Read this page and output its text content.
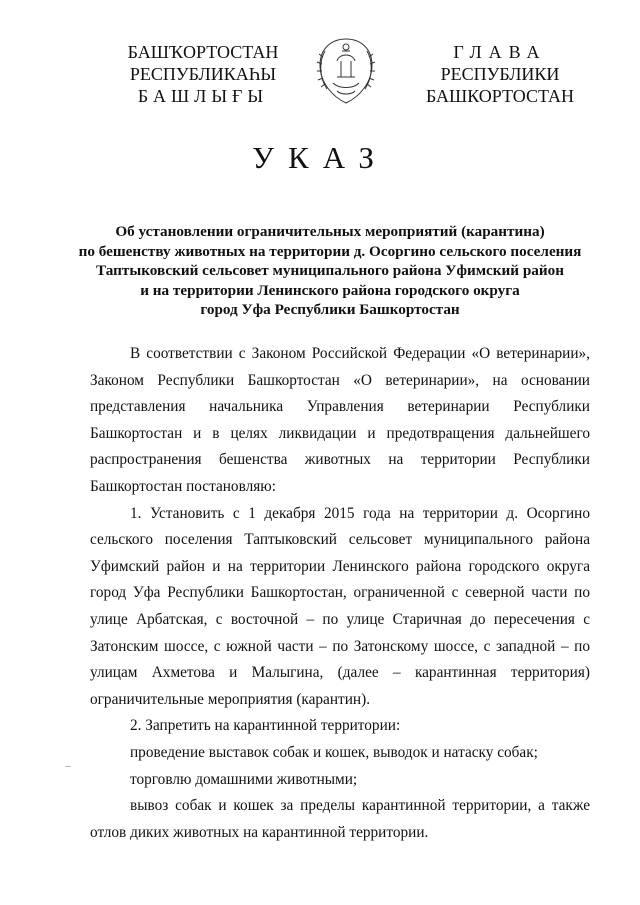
БАШҠОРТОСТАН
РЕСПУБЛИКАҺЫ
БАШЛЫҒЫ
ГЛАВА
РЕСПУБЛИКИ
БАШКОРТОСТАН
УКАЗ
Об установлении ограничительных мероприятий (карантина)
по бешенству животных на территории д. Осоргино сельского поселения
Таптыковский сельсовет муниципального района Уфимский район
и на территории Ленинского района городского округа
город Уфа Республики Башкортостан

В соответствии с Законом Российской Федерации «О ветеринарии», Законом Республики Башкортостан «О ветеринарии», на основании представления начальника Управления ветеринарии Республики Башкортостан и в целях ликвидации и предотвращения дальнейшего распространения бешенства животных на территории Республики Башкортостан постановляю:

1. Установить с 1 декабря 2015 года на территории д. Осоргино сельского поселения Таптыковский сельсовет муниципального района Уфимский район и на территории Ленинского района городского округа город Уфа Республики Башкортостан, ограниченной с северной части по улице Арбатская, с восточной – по улице Старичная до пересечения с Затонским шоссе, с южной части – по Затонскому шоссе, с западной – по улицам Ахметова и Малыгина, (далее – карантинная территория) ограничительные мероприятия (карантин).

2. Запретить на карантинной территории:

проведение выставок собак и кошек, выводок и натаску собак;

торговлю домашними животными;

вывоз собак и кошек за пределы карантинной территории, а также отлов диких животных на карантинной территории.
